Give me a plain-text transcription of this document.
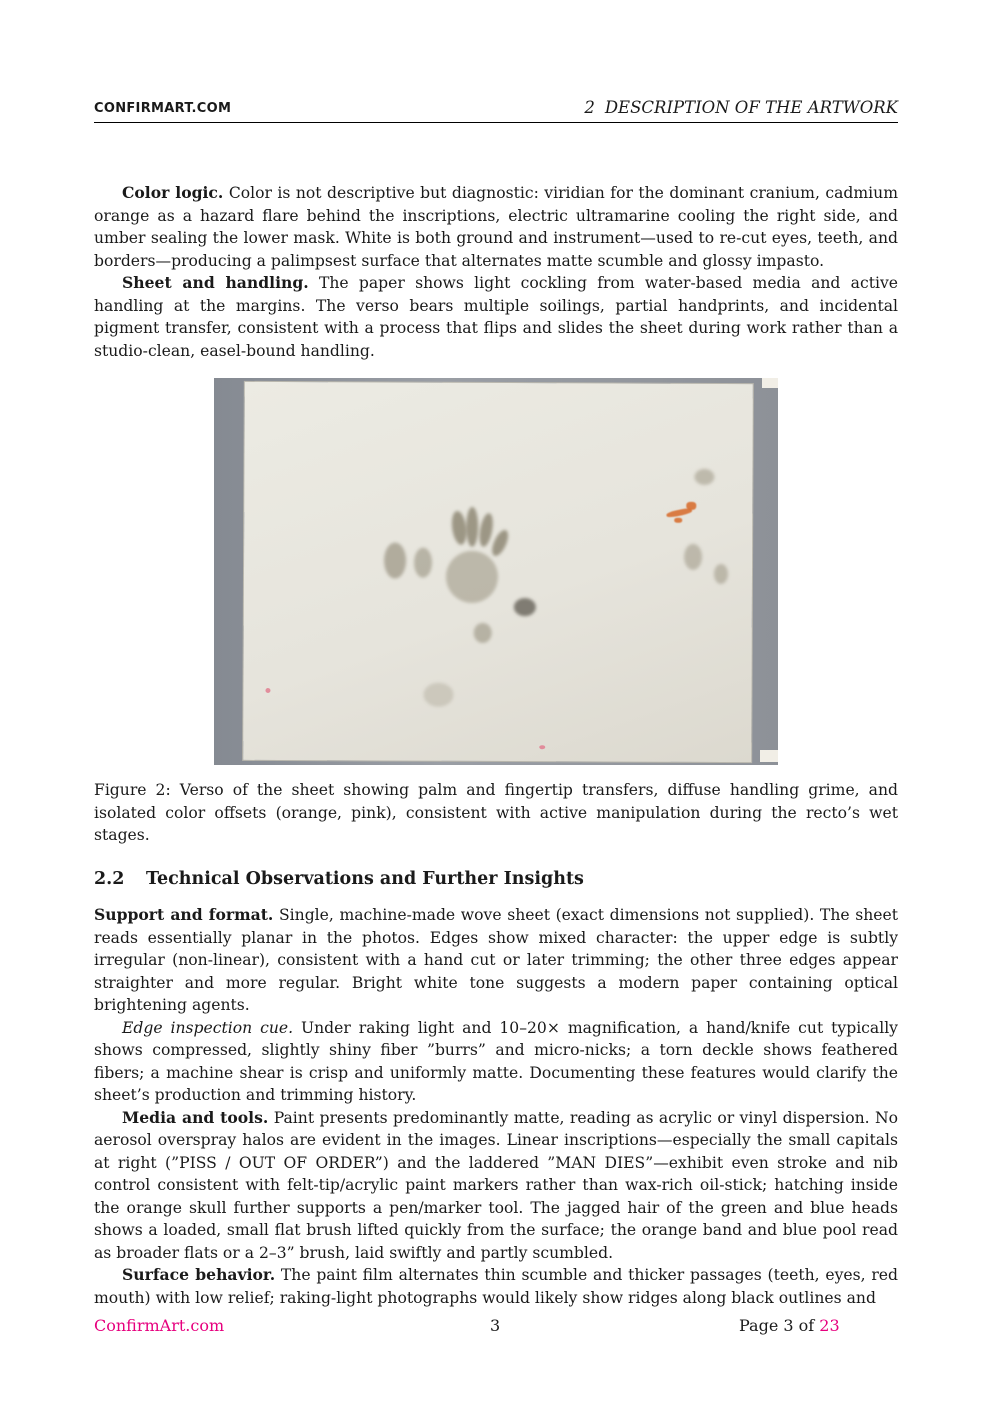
CONFIRMART.COM	2 DESCRIPTION OF THE ARTWORK

Color logic. Color is not descriptive but diagnostic: viridian for the dominant cranium, cadmium orange as a hazard flare behind the inscriptions, electric ultramarine cooling the right side, and umber sealing the lower mask. White is both ground and instrument—used to re-cut eyes, teeth, and borders—producing a palimpsest surface that alternates matte scumble and glossy impasto.

Sheet and handling. The paper shows light cockling from water-based media and active handling at the margins. The verso bears multiple soilings, partial handprints, and incidental pigment transfer, consistent with a process that flips and slides the sheet during work rather than a studio-clean, easel-bound handling.

Figure 2: Verso of the sheet showing palm and fingertip transfers, diffuse handling grime, and isolated color offsets (orange, pink), consistent with active manipulation during the recto’s wet stages.
2.2 Technical Observations and Further Insights

Support and format. Single, machine-made wove sheet (exact dimensions not supplied). The sheet reads essentially planar in the photos. Edges show mixed character: the upper edge is subtly irregular (non-linear), consistent with a hand cut or later trimming; the other three edges appear straighter and more regular. Bright white tone suggests a modern paper containing optical brightening agents.

Edge inspection cue. Under raking light and 10–20× magnification, a hand/knife cut typically shows compressed, slightly shiny fiber ”burrs” and micro-nicks; a torn deckle shows feathered fibers; a machine shear is crisp and uniformly matte. Documenting these features would clarify the sheet’s production and trimming history.

Media and tools. Paint presents predominantly matte, reading as acrylic or vinyl dispersion. No aerosol overspray halos are evident in the images. Linear inscriptions—especially the small capitals at right (”PISS / OUT OF ORDER”) and the laddered ”MAN DIES”—exhibit even stroke and nib control consistent with felt-tip/acrylic paint markers rather than wax-rich oil-stick; hatching inside the orange skull further supports a pen/marker tool. The jagged hair of the green and blue heads shows a loaded, small flat brush lifted quickly from the surface; the orange band and blue pool read as broader flats or a 2–3” brush, laid swiftly and partly scumbled.

Surface behavior. The paint film alternates thin scumble and thicker passages (teeth, eyes, red mouth) with low relief; raking-light photographs would likely show ridges along black outlines and

ConfirmArt.com	3	Page 3 of 23
